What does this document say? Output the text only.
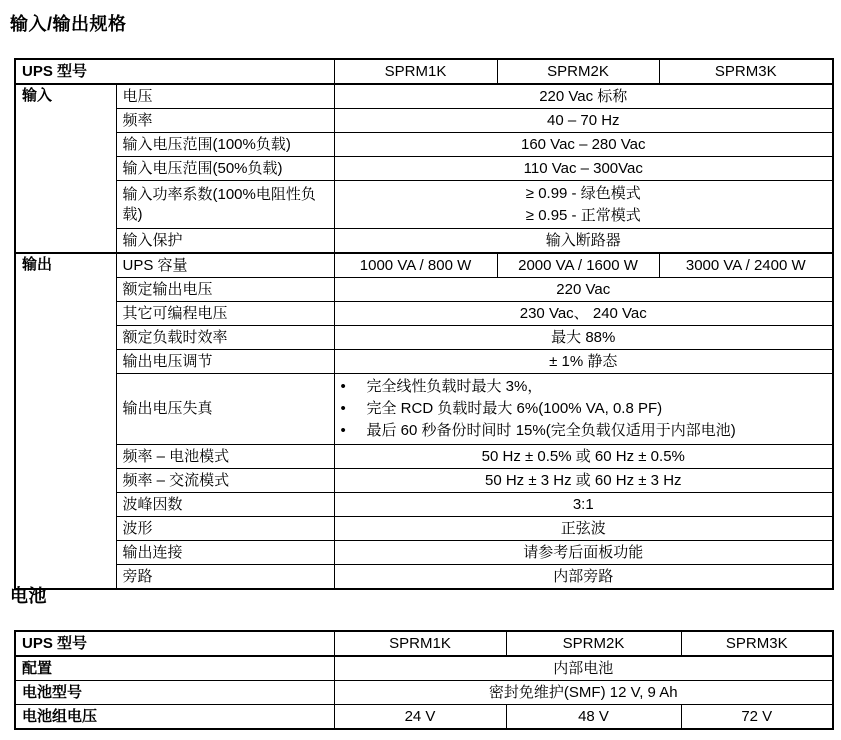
输入/输出规格
UPS 型号		SPRM1K	SPRM2K	SPRM3K
输入	电压	220 Vac 标称		
	频率	40 – 70 Hz		
	输入电压范围(100%负载)	160 Vac – 280 Vac		
	输入电压范围(50%负载)	110 Vac – 300Vac		
	输入功率系数(100%电阻性负载)	≥ 0.99 - 绿色模式
≥ 0.95 - 正常模式		

	输入保护	输入断路器		
输出	UPS 容量	1000 VA / 800 W	2000 VA / 1600 W	3000 VA / 2400 W
	额定输出电压	220 Vac		
	其它可编程电压	230 Vac、 240 Vac		
	额定负载时效率	最大 88%		
	输出电压调节	± 1% 静态		
输出电压失真	
•	完全线性负载时最大 3%，
•	完全 RCD 负载时最大 6%(100% VA, 0.8 PF)
•	最后 60 秒备份时间时 15%(完全负载仅适用于内部电池)

	频率 – 电池模式	50 Hz ± 0.5% 或 60 Hz ± 0.5%		
	频率 – 交流模式	50 Hz ± 3 Hz 或 60 Hz ± 3 Hz		
	波峰因数	3:1		
	波形	正弦波		
	输出连接	请参考后面板功能		
	旁路	内部旁路		
电池
UPS 型号	SPRM1K	SPRM2K	SPRM3K
配置	内部电池		
电池型号	密封免维护(SMF) 12 V, 9 Ah		
电池组电压	24 V	48 V	72 V
